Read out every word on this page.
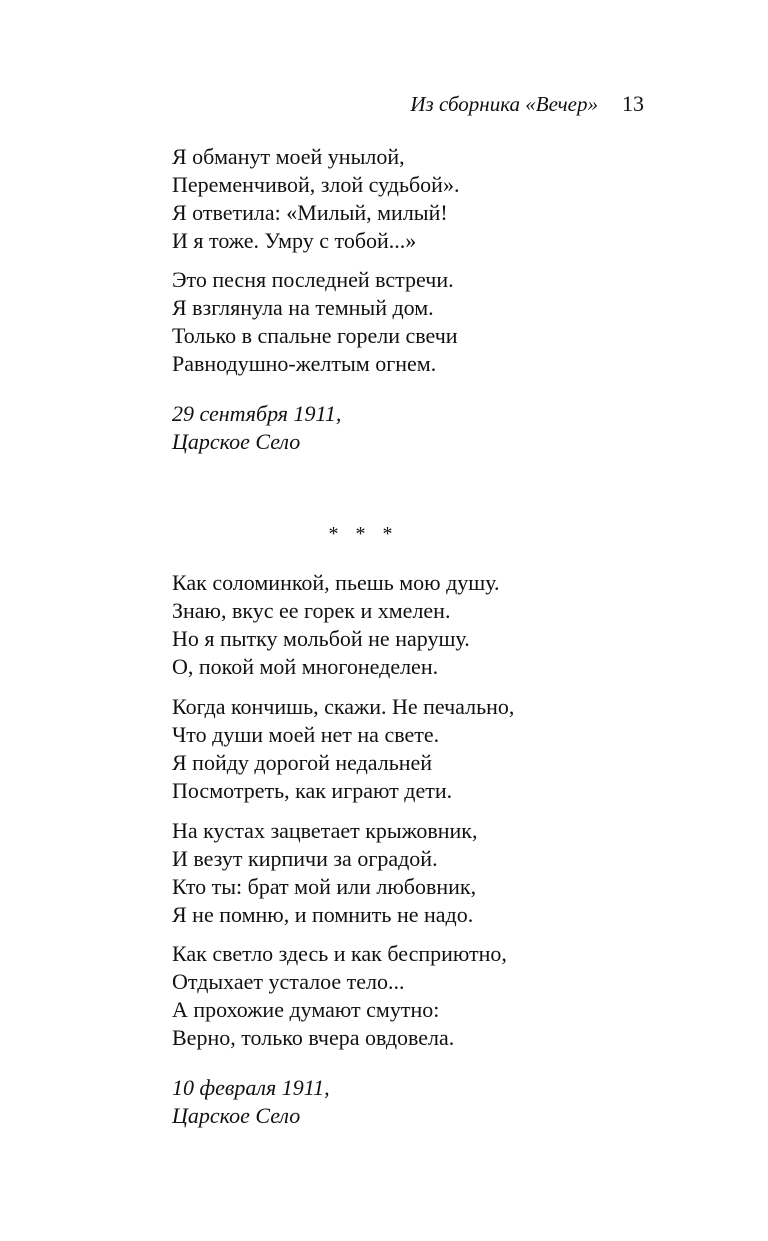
Из сборника «Вечер» 13
Я обманут моей унылой,
Переменчивой, злой судьбой».
Я ответила: «Милый, милый!
И я тоже. Умру с тобой...»
Это песня последней встречи.
Я взглянула на темный дом.
Только в спальне горели свечи
Равнодушно-желтым огнем.
29 сентября 1911,
Царское Село
* * *
Как соломинкой, пьешь мою душу.
Знаю, вкус ее горек и хмелен.
Но я пытку мольбой не нарушу.
О, покой мой многонеделен.
Когда кончишь, скажи. Не печально,
Что души моей нет на свете.
Я пойду дорогой недальней
Посмотреть, как играют дети.
На кустах зацветает крыжовник,
И везут кирпичи за оградой.
Кто ты: брат мой или любовник,
Я не помню, и помнить не надо.
Как светло здесь и как бесприютно,
Отдыхает усталое тело...
А прохожие думают смутно:
Верно, только вчера овдовела.
10 февраля 1911,
Царское Село
